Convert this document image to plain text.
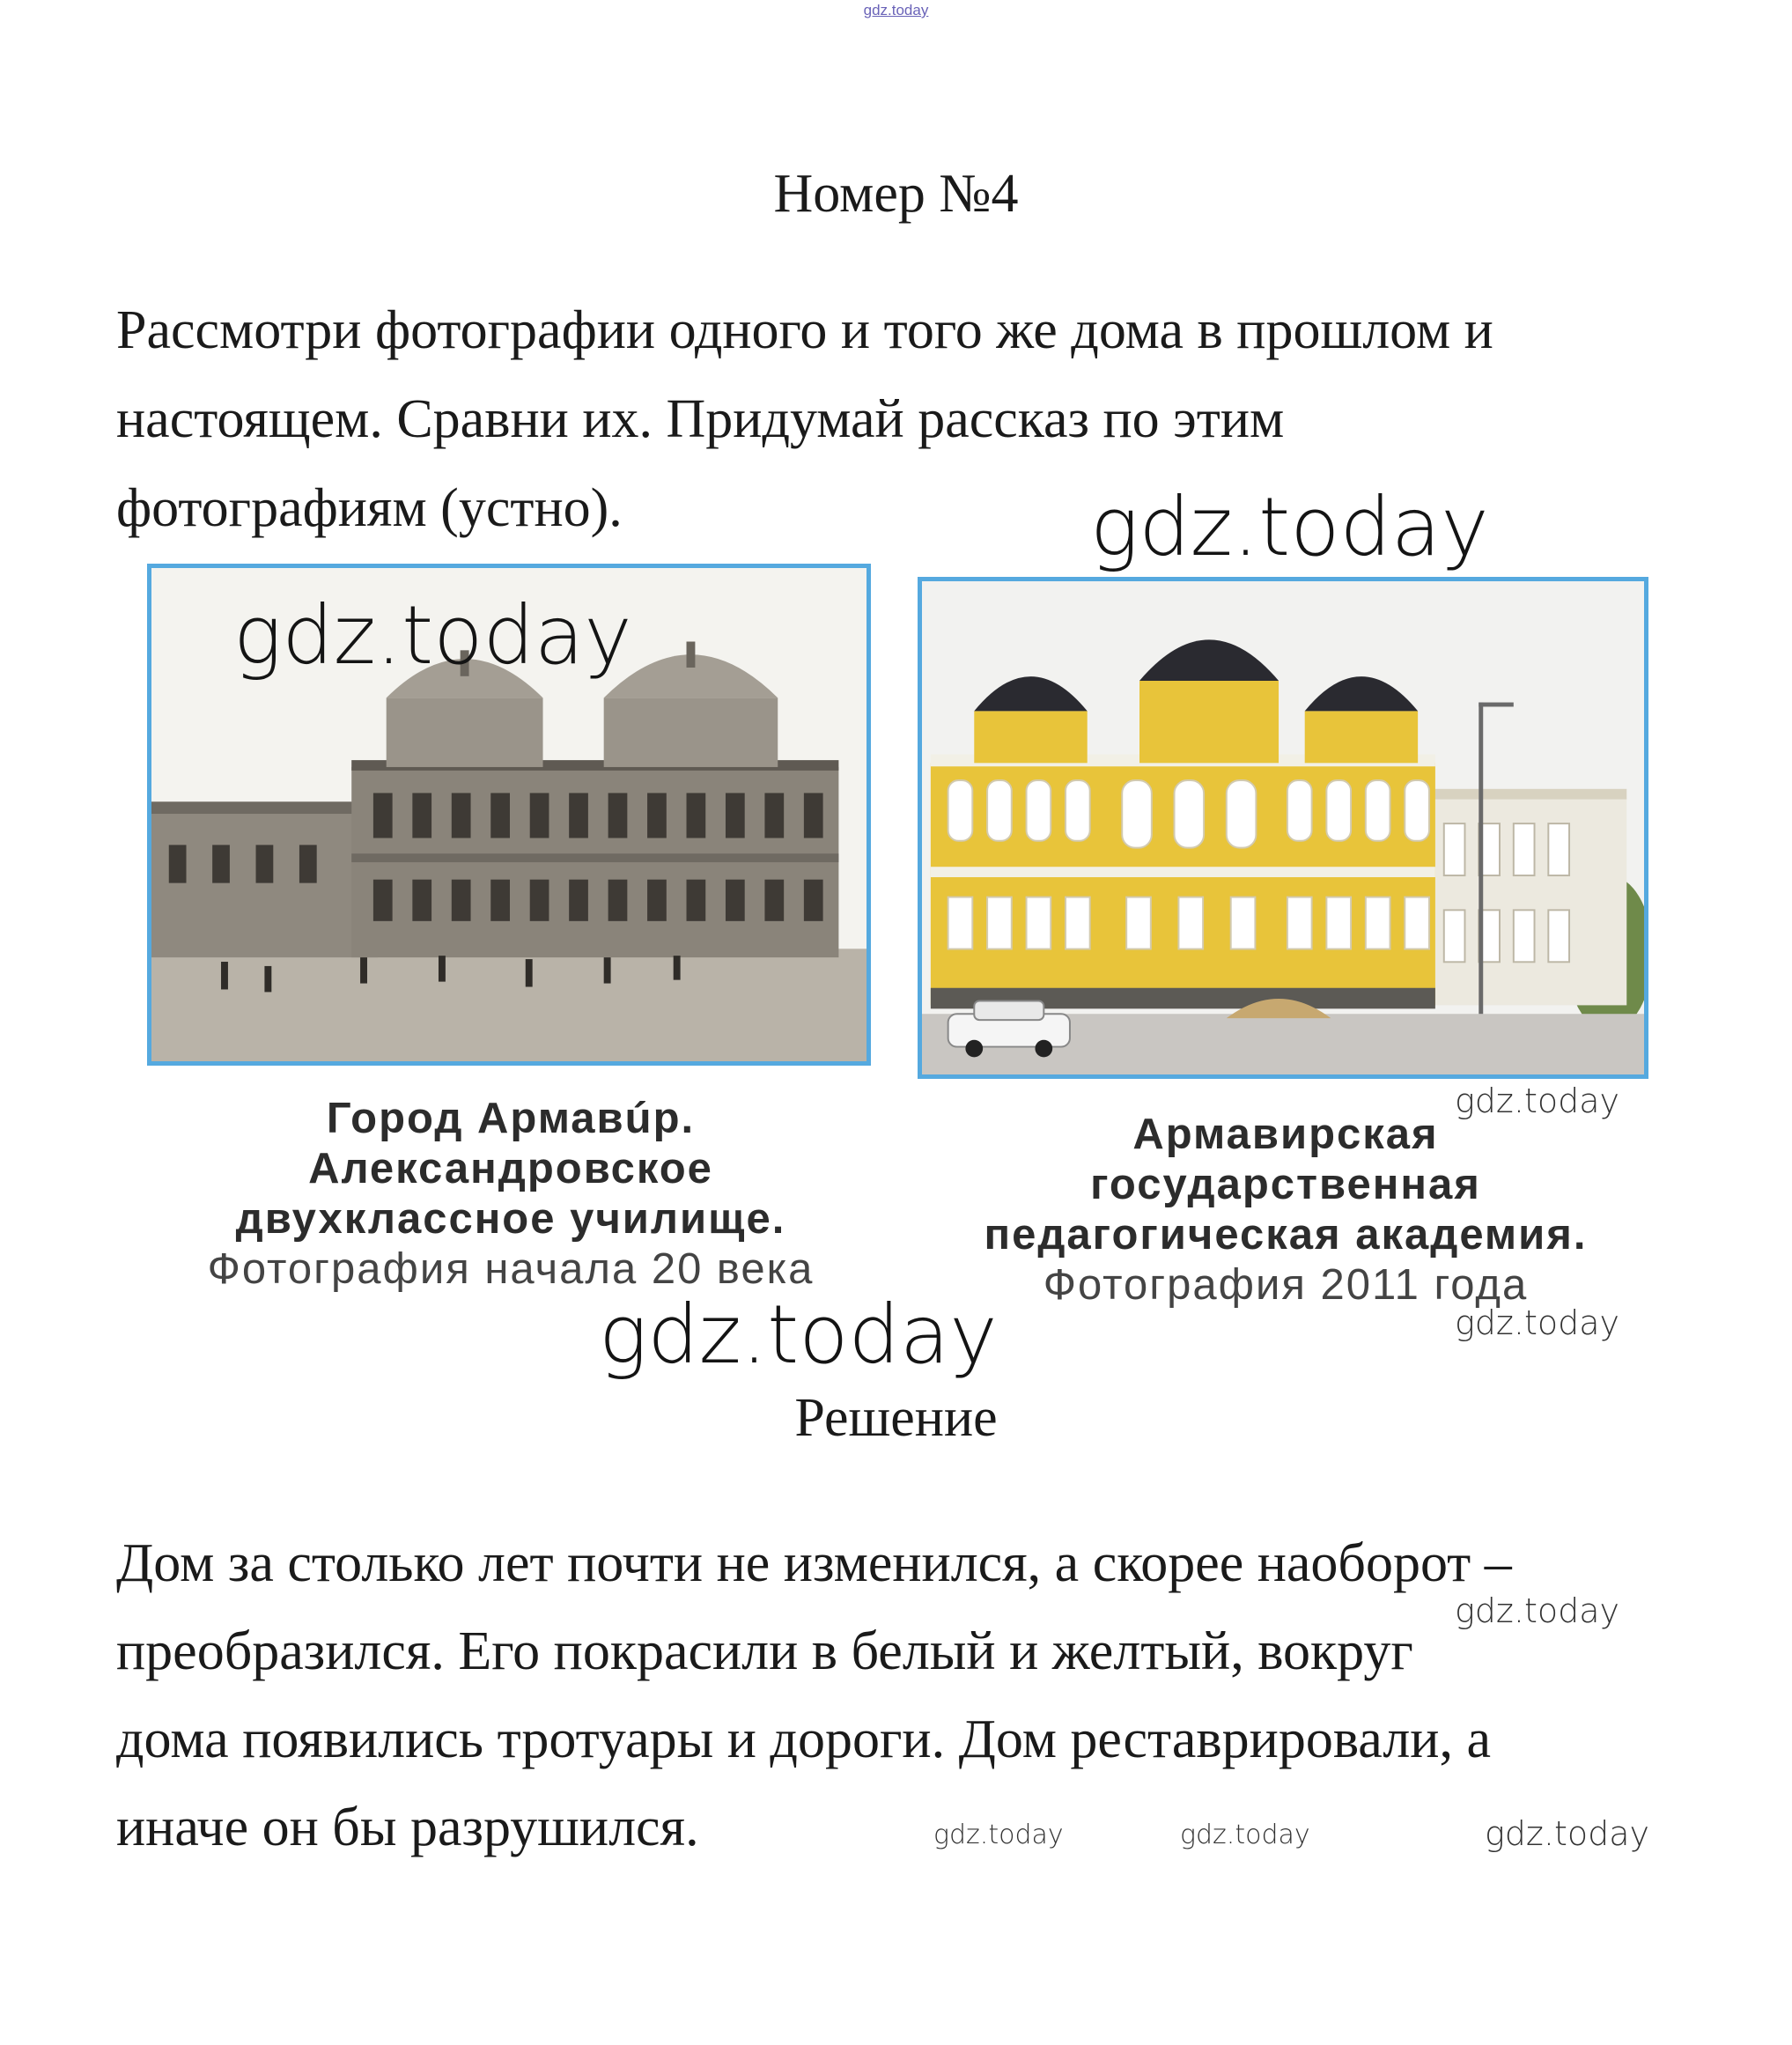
gdz.today
Номер №4
Рассмотри фотографии одного и того же дома в прошлом и
настоящем. Сравни их. Придумай рассказ по этим
фотографиям (устно).
Город Армавúр.
Александровское
двухклассное училище.
Фотография начала 20 века
Армавирская
государственная
педагогическая академия.
Фотография 2011 года
Решение
Дом за столько лет почти не изменился, а скорее наоборот –
преобразился. Его покрасили в белый и желтый, вокруг
дома появились тротуары и дороги. Дом реставрировали, а
иначе он бы разрушился.
gdz.today
gdz.today
gdz.today
gdz.today
gdz.today
gdz.today
gdz.today	gdz.today	gdz.today
